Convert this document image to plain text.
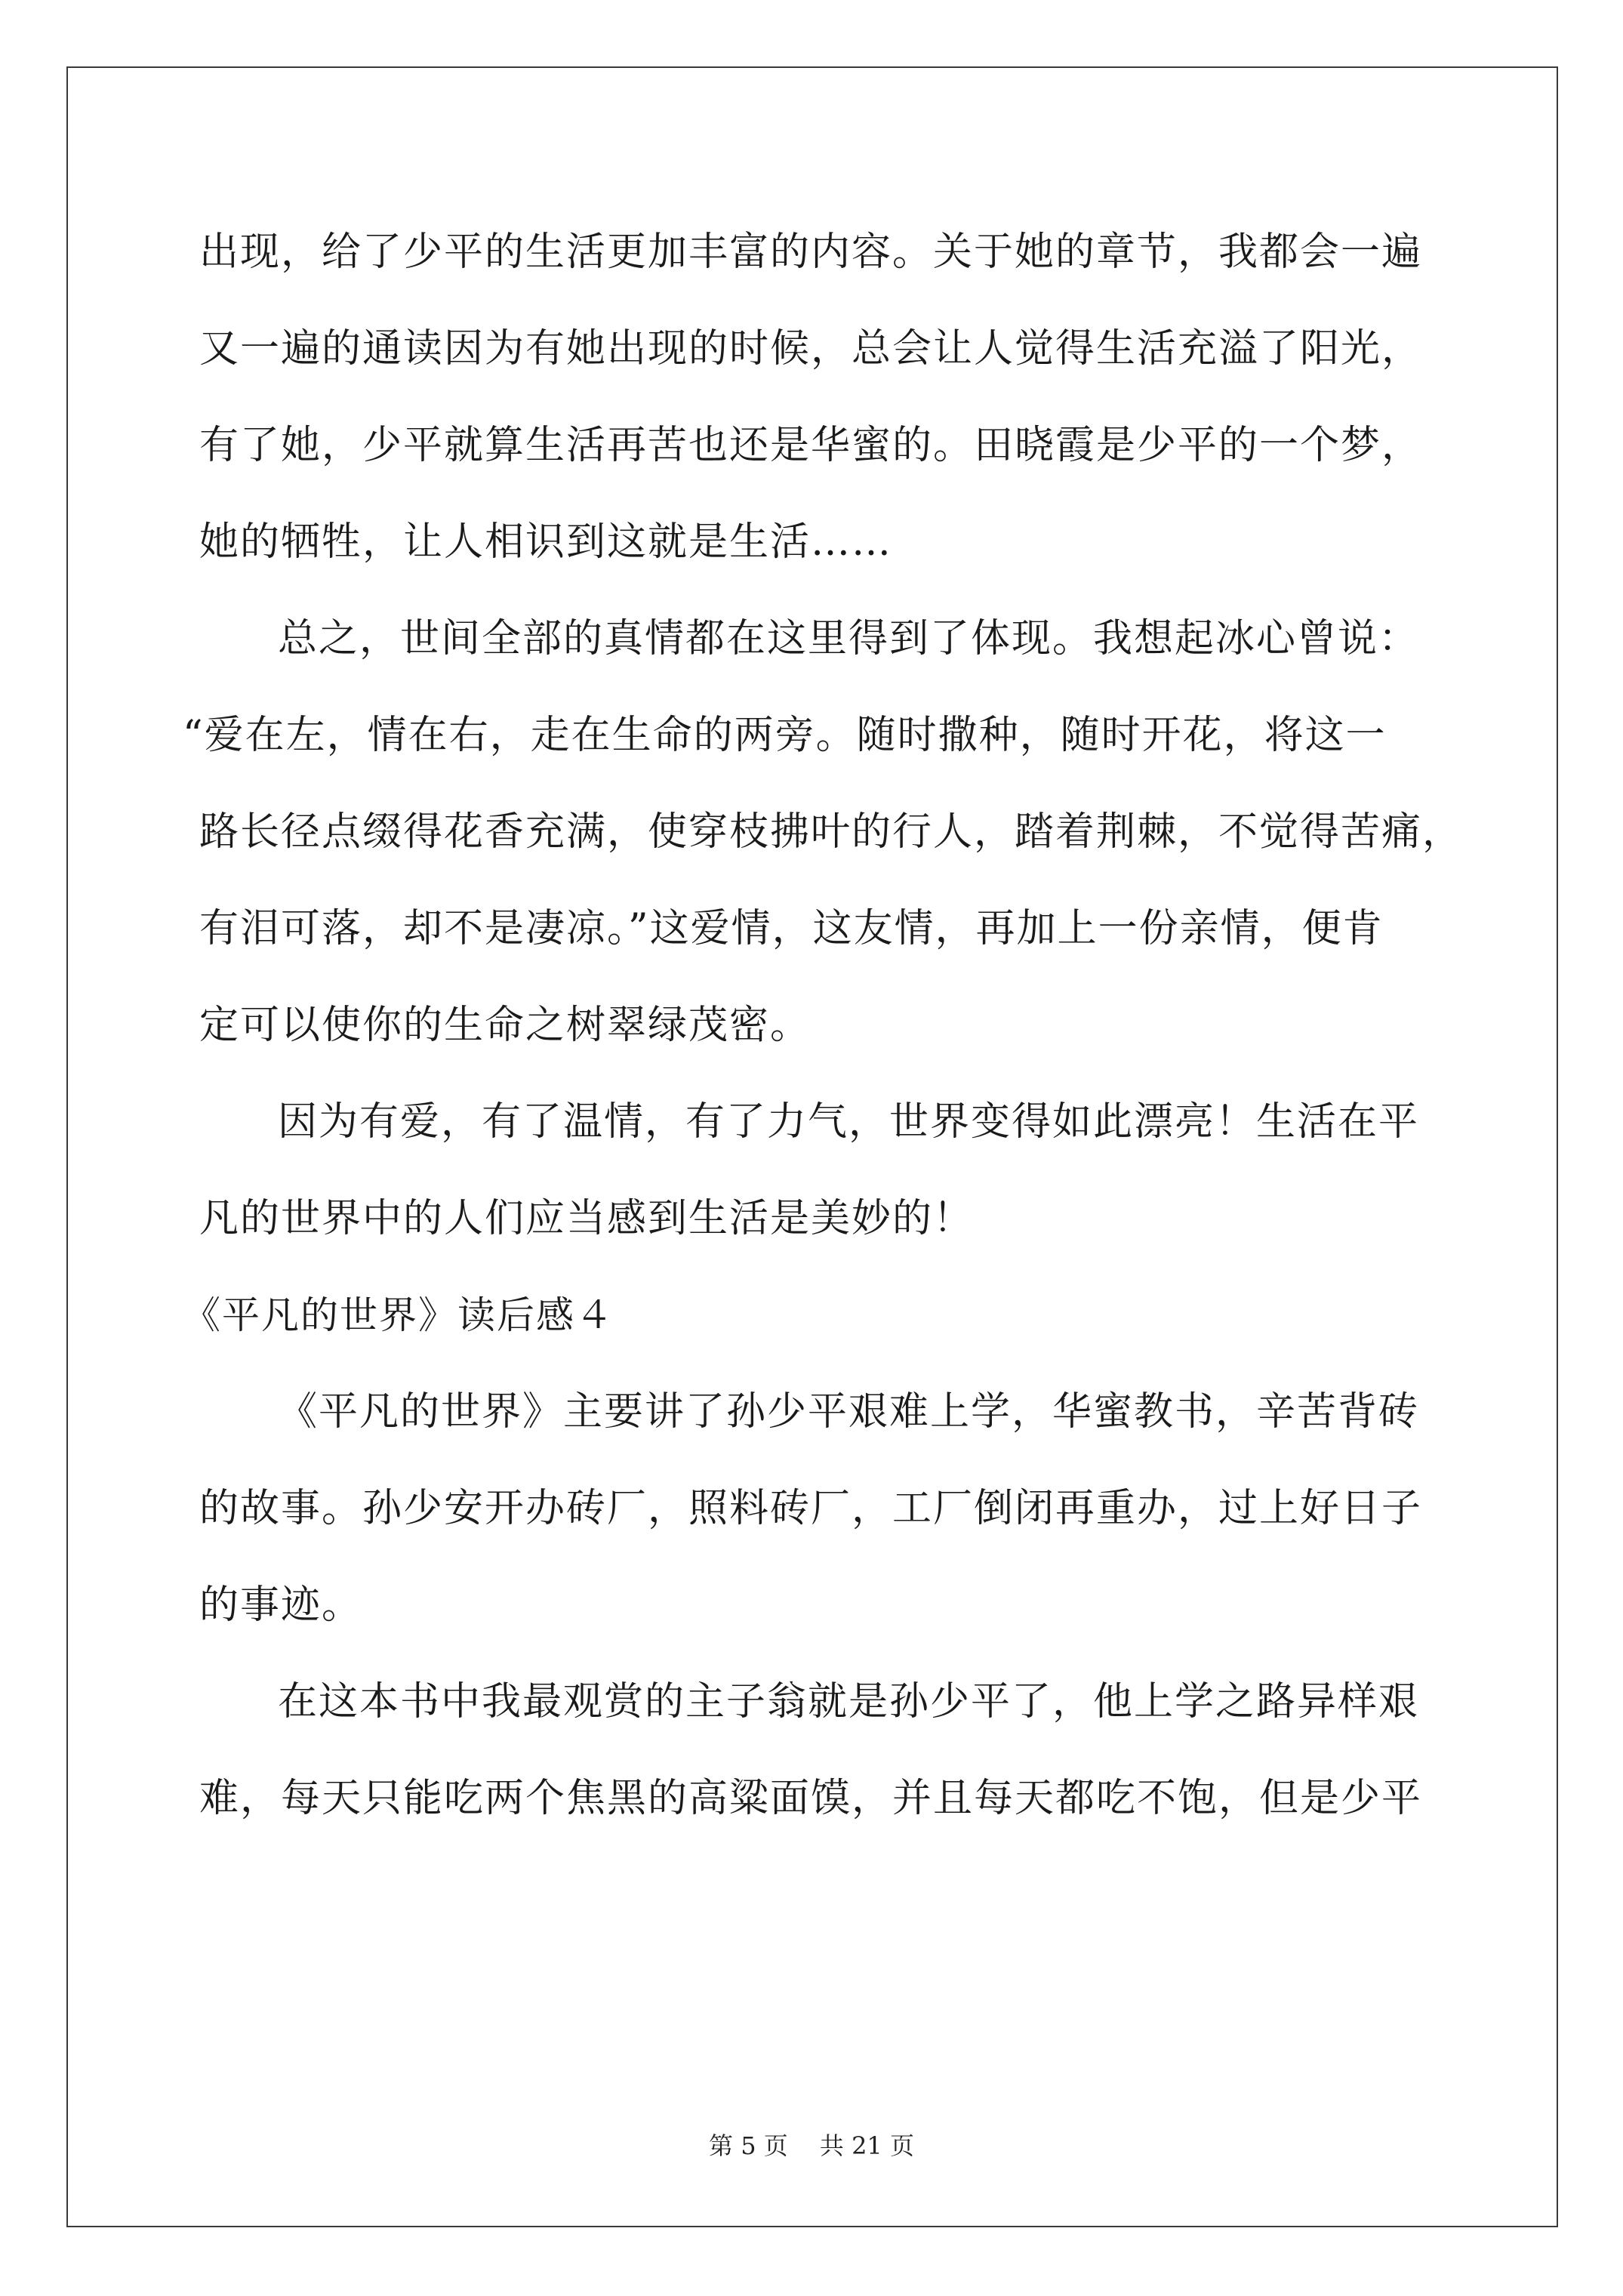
出现，给了少平的生活更加丰富的内容。关于她的章节，我都会一遍
又一遍的通读因为有她出现的时候，总会让人觉得生活充溢了阳光，
有了她，少平就算生活再苦也还是华蜜的。田晓霞是少平的一个梦，
她的牺牲，让人相识到这就是生活……
总之，世间全部的真情都在这里得到了体现。我想起冰心曾说：
“爱在左，情在右，走在生命的两旁。随时撒种，随时开花，将这一
路长径点缀得花香充满，使穿枝拂叶的行人，踏着荆棘，不觉得苦痛，
有泪可落，却不是凄凉。”这爱情，这友情，再加上一份亲情，便肯
定可以使你的生命之树翠绿茂密。
因为有爱，有了温情，有了力气，世界变得如此漂亮！生活在平
凡的世界中的人们应当感到生活是美妙的！
《平凡的世界》读后感４
《平凡的世界》主要讲了孙少平艰难上学，华蜜教书，辛苦背砖
的故事。孙少安开办砖厂，照料砖厂，工厂倒闭再重办，过上好日子
的事迹。
在这本书中我最观赏的主子翁就是孙少平了，他上学之路异样艰
难，每天只能吃两个焦黑的高粱面馍，并且每天都吃不饱，但是少平
第 5 页　 共 21 页
